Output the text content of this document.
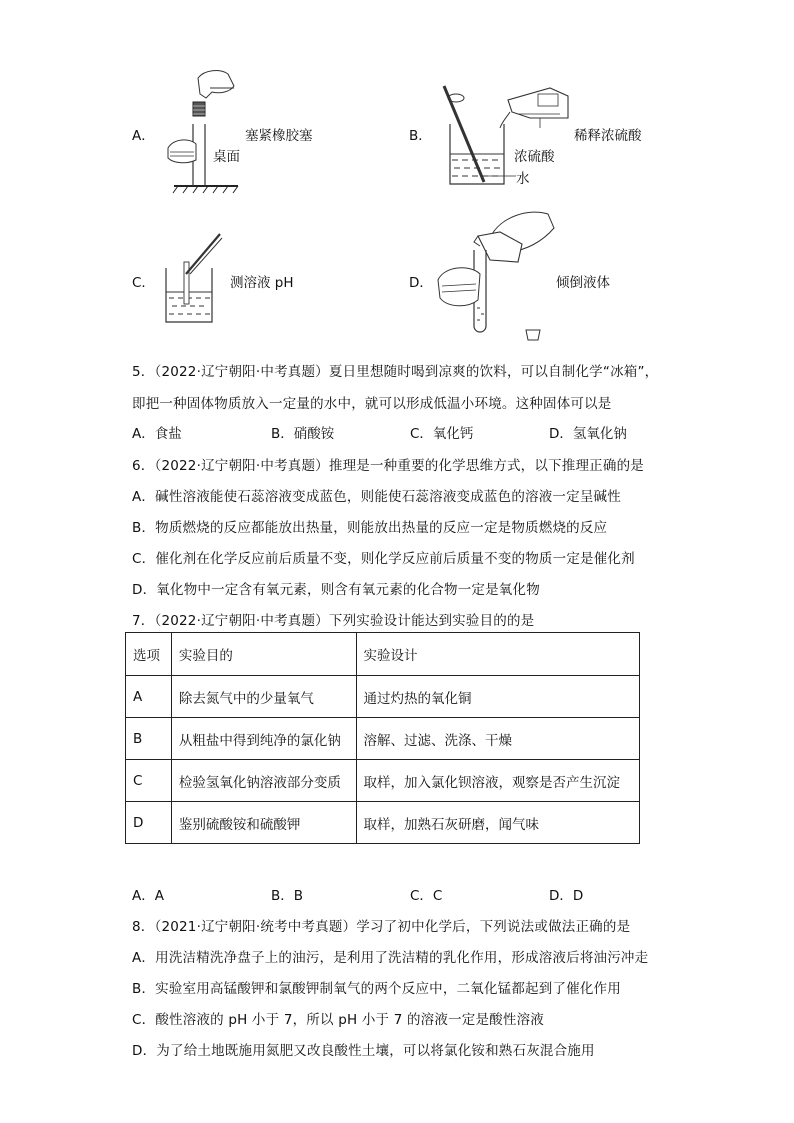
A．	塞紧橡胶塞
桌面
B．	稀释浓硫酸
浓硫酸
水
C．	测溶液 pH	D．	倾倒液体
5．（2022·辽宁朝阳·中考真题）夏日里想随时喝到凉爽的饮料，可以自制化学“冰箱”，
即把一种固体物质放入一定量的水中，就可以形成低温小环境。这种固体可以是
A．食盐	B．硝酸铵	C．氧化钙	D．氢氧化钠
6．（2022·辽宁朝阳·中考真题）推理是一种重要的化学思维方式，以下推理正确的是
A．碱性溶液能使石蕊溶液变成蓝色，则能使石蕊溶液变成蓝色的溶液一定呈碱性
B．物质燃烧的反应都能放出热量，则能放出热量的反应一定是物质燃烧的反应
C．催化剂在化学反应前后质量不变，则化学反应前后质量不变的物质一定是催化剂
D．氧化物中一定含有氧元素，则含有氧元素的化合物一定是氧化物
7．（2022·辽宁朝阳·中考真题）下列实验设计能达到实验目的的是
选项	实验目的	实验设计
A	除去氮气中的少量氧气	通过灼热的氧化铜
B	从粗盐中得到纯净的氯化钠	溶解、过滤、洗涤、干燥
C	检验氢氧化钠溶液部分变质	取样，加入氯化钡溶液，观察是否产生沉淀
D	鉴别硫酸铵和硫酸钾	取样，加熟石灰研磨，闻气味
A．A	B．B	C．C	D．D
8．（2021·辽宁朝阳·统考中考真题）学习了初中化学后，下列说法或做法正确的是
A．用洗洁精洗净盘子上的油污，是利用了洗洁精的乳化作用，形成溶液后将油污冲走
B．实验室用高锰酸钾和氯酸钾制氧气的两个反应中，二氧化锰都起到了催化作用
C．酸性溶液的 pH 小于 7，所以 pH 小于 7 的溶液一定是酸性溶液
D．为了给土地既施用氮肥又改良酸性土壤，可以将氯化铵和熟石灰混合施用
